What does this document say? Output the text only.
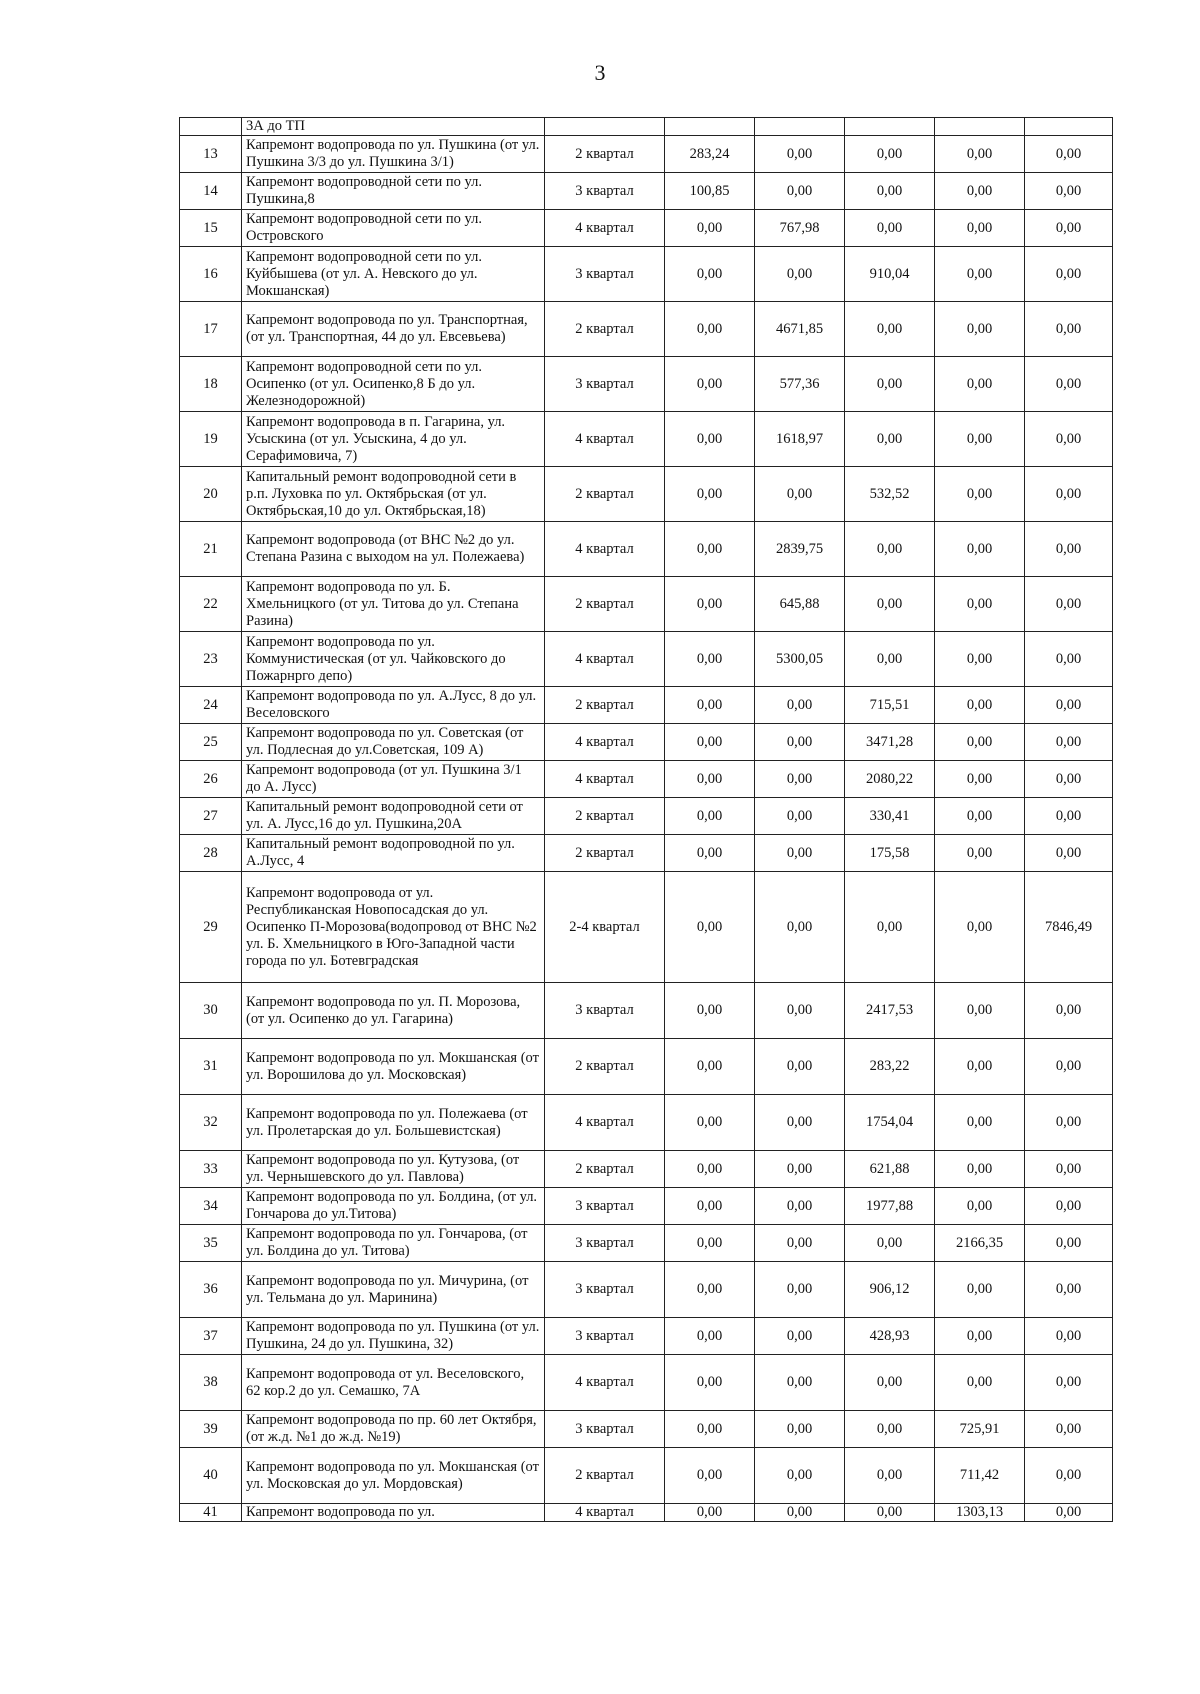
3
	3А до ТП						
13	Капремонт водопровода по ул. Пушкина (от ул. Пушкина 3/3 до ул. Пушкина 3/1)	2 квартал	283,24	0,00	0,00	0,00	0,00
14	Капремонт водопроводной сети по ул. Пушкина,8	3 квартал	100,85	0,00	0,00	0,00	0,00
15	Капремонт водопроводной сети по ул. Островского	4 квартал	0,00	767,98	0,00	0,00	0,00
16	Капремонт водопроводной сети по ул. Куйбышева (от ул. А. Невского до ул. Мокшанская)	3 квартал	0,00	0,00	910,04	0,00	0,00
17	Капремонт водопровода по ул. Транспортная, (от ул. Транспортная, 44 до ул. Евсевьева)	2 квартал	0,00	4671,85	0,00	0,00	0,00
18	Капремонт водопроводной сети по ул. Осипенко (от ул. Осипенко,8 Б до ул. Железнодорожной)	3 квартал	0,00	577,36	0,00	0,00	0,00
19	Капремонт водопровода в п. Гагарина, ул. Усыскина (от ул. Усыскина, 4 до ул. Серафимовича, 7)	4 квартал	0,00	1618,97	0,00	0,00	0,00
20	Капитальный ремонт водопроводной сети в р.п. Луховка по ул. Октябрьская (от ул. Октябрьская,10 до ул. Октябрьская,18)	2 квартал	0,00	0,00	532,52	0,00	0,00
21	Капремонт водопровода (от ВНС №2 до ул. Степана Разина с выходом на ул. Полежаева)	4 квартал	0,00	2839,75	0,00	0,00	0,00
22	Капремонт водопровода по ул. Б. Хмельницкого (от ул. Титова до ул. Степана Разина)	2 квартал	0,00	645,88	0,00	0,00	0,00
23	Капремонт водопровода по ул. Коммунистическая (от ул. Чайковского до Пожарнрго депо)	4 квартал	0,00	5300,05	0,00	0,00	0,00
24	Капремонт водопровода по ул. А.Лусс, 8 до ул. Веселовского	2 квартал	0,00	0,00	715,51	0,00	0,00
25	Капремонт водопровода по ул. Советская (от ул. Подлесная до ул.Советская, 109 А)	4 квартал	0,00	0,00	3471,28	0,00	0,00
26	Капремонт водопровода (от ул. Пушкина 3/1 до А. Лусс)	4 квартал	0,00	0,00	2080,22	0,00	0,00
27	Капитальный ремонт водопроводной сети от ул. А. Лусс,16 до ул. Пушкина,20А	2 квартал	0,00	0,00	330,41	0,00	0,00
28	Капитальный ремонт водопроводной по ул. А.Лусс, 4	2 квартал	0,00	0,00	175,58	0,00	0,00
29	Капремонт водопровода от ул. Республиканская Новопосадская до ул. Осипенко П-Морозова(водопровод от ВНС №2 ул. Б. Хмельницкого в Юго-Западной части города по ул. Ботевградская	2-4 квартал	0,00	0,00	0,00	0,00	7846,49
30	Капремонт водопровода по ул. П. Морозова, (от ул. Осипенко до ул. Гагарина)	3 квартал	0,00	0,00	2417,53	0,00	0,00
31	Капремонт водопровода по ул. Мокшанская (от ул. Ворошилова до ул. Московская)	2 квартал	0,00	0,00	283,22	0,00	0,00
32	Капремонт водопровода по ул. Полежаева (от ул. Пролетарская до ул. Большевистская)	4 квартал	0,00	0,00	1754,04	0,00	0,00
33	Капремонт водопровода по ул. Кутузова, (от ул. Чернышевского до ул. Павлова)	2 квартал	0,00	0,00	621,88	0,00	0,00
34	Капремонт водопровода по ул. Болдина, (от ул. Гончарова до ул.Титова)	3 квартал	0,00	0,00	1977,88	0,00	0,00
35	Капремонт водопровода по ул. Гончарова, (от ул. Болдина до ул. Титова)	3 квартал	0,00	0,00	0,00	2166,35	0,00
36	Капремонт водопровода по ул. Мичурина, (от ул. Тельмана до ул. Маринина)	3 квартал	0,00	0,00	906,12	0,00	0,00
37	Капремонт водопровода по ул. Пушкина (от ул. Пушкина, 24 до ул. Пушкина, 32)	3 квартал	0,00	0,00	428,93	0,00	0,00
38	Капремонт водопровода от ул. Веселовского, 62 кор.2 до ул. Семашко, 7А	4 квартал	0,00	0,00	0,00	0,00	0,00
39	Капремонт водопровода по пр. 60 лет Октября, (от ж.д. №1 до ж.д. №19)	3 квартал	0,00	0,00	0,00	725,91	0,00
40	Капремонт водопровода по ул. Мокшанская (от ул. Московская до ул. Мордовская)	2 квартал	0,00	0,00	0,00	711,42	0,00
41	Капремонт водопровода по ул.	4 квартал	0,00	0,00	0,00	1303,13	0,00
